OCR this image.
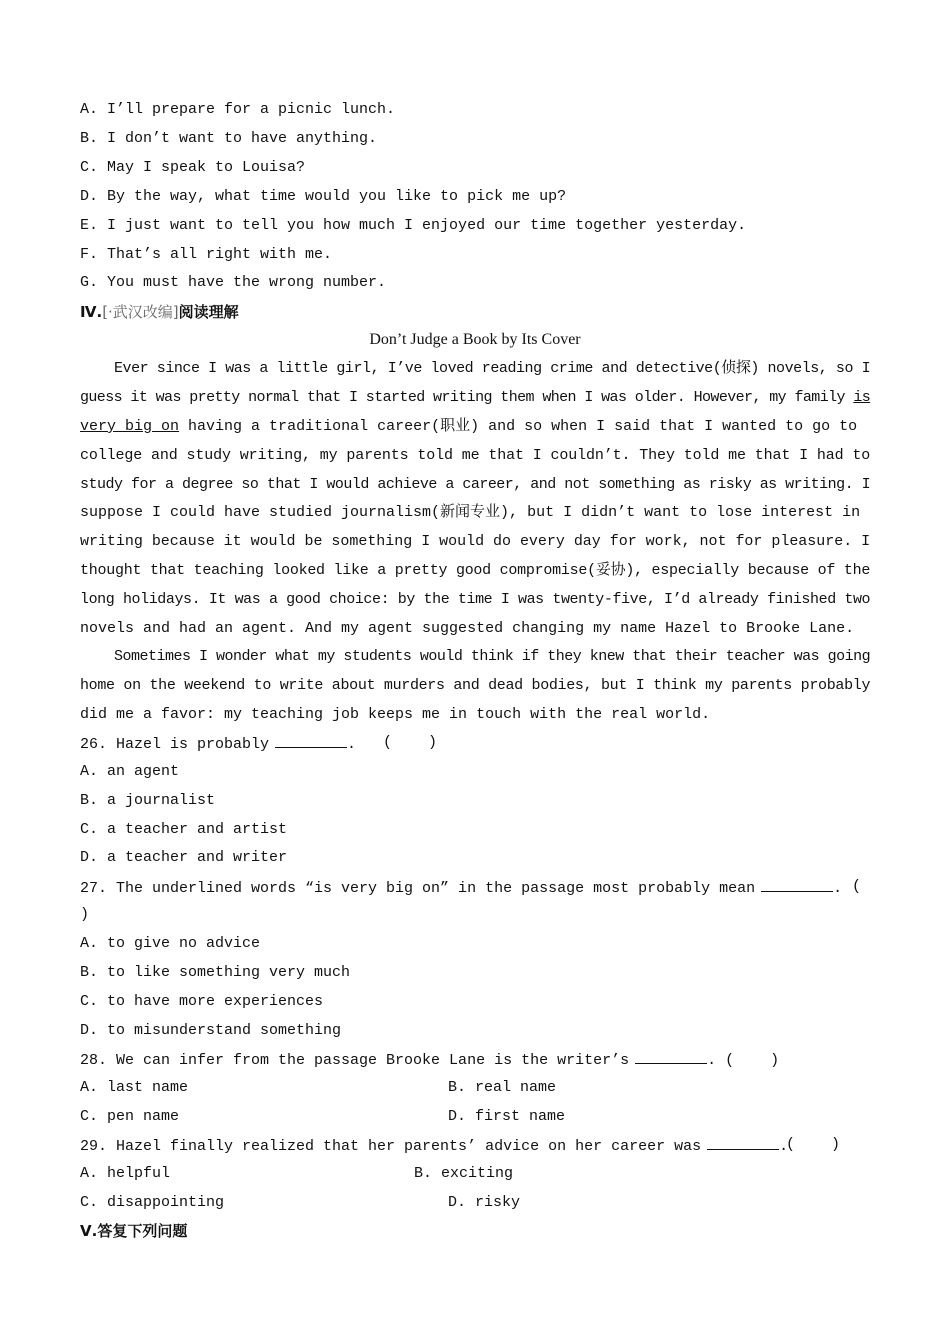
A. I’ll prepare for a picnic lunch.
B. I don’t want to have anything.
C. May I speak to Louisa?
D. By the way, what time would you like to pick me up?
E. I just want to tell you how much I enjoyed our time together yesterday.
F. That’s all right with me.
G. You must have the wrong number.
Ⅳ.[·武汉改编]阅读理解
Don’t Judge a Book by Its Cover
Ever since I was a little girl, I’ve loved reading crime and detective(侦探) novels, so I
guess it was pretty normal that I started writing them when I was older. However, my family is
very big on having a traditional career(职业) and so when I said that I wanted to go to
college and study writing, my parents told me that I couldn’t. They told me that I had to
study for a degree so that I would achieve a career, and not something as risky as writing. I
suppose I could have studied journalism(新闻专业), but I didn’t want to lose interest in
writing because it would be something I would do every day for work, not for pleasure. I
thought that teaching looked like a pretty good compromise(妥协), especially because of the
long holidays. It was a good choice: by the time I was twenty-five, I’d already finished two
novels and had an agent. And my agent suggested changing my name Hazel to Brooke Lane.
Sometimes I wonder what my students would think if they knew that their teacher was going
home on the weekend to write about murders and dead bodies, but I think my parents probably
did me a favor: my teaching job keeps me in touch with the real world.
26. Hazel is probably	. (    )
A. an agent
B. a journalist
C. a teacher and artist
D. a teacher and writer
27. The underlined words “is very big on” in the passage most probably mean	. (
)
A. to give no advice
B. to like something very much
C. to have more experiences
D. to misunderstand something
28. We can infer from the passage Brooke Lane is the writer’s	. (    )
A. last name	B. real name
C. pen name	D. first name
29. Hazel finally realized that her parents’ advice on her career was	.
(    )
A. helpful	B. exciting
C. disappointing	D. risky
Ⅴ.答复下列问题
